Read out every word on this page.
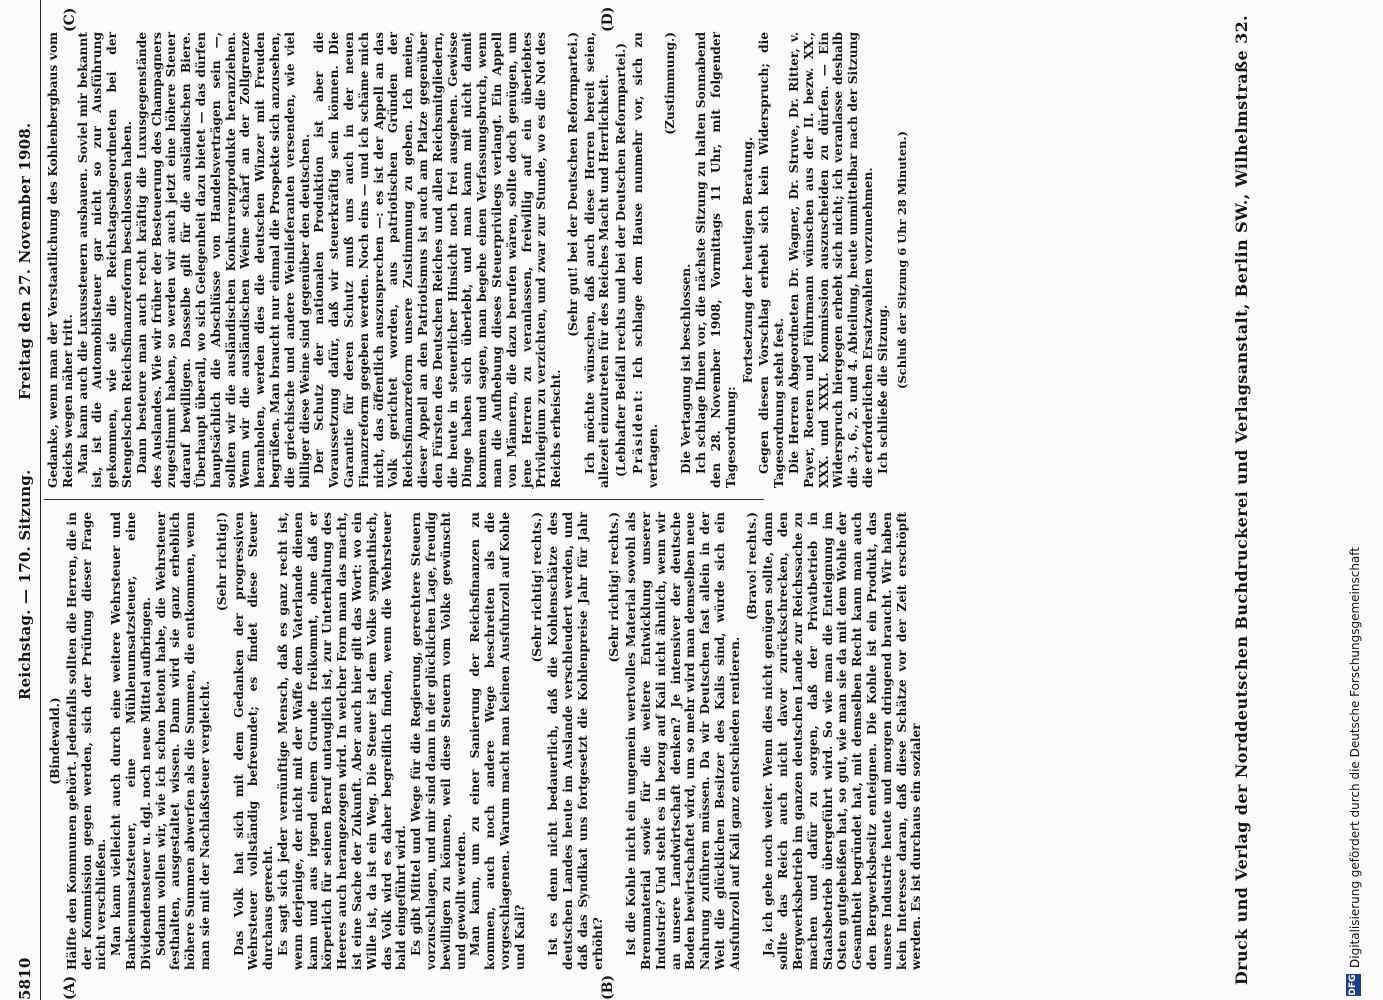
5810
Reichstag. — 170. Sitzung.
Freitag den 27. November 1908.
(A)	(B)
(C)	(D)

(Bindewald.) Hälfte den Kommunen gehört. Jedenfalls sollten die Herren, die in der Kommission gegen werden, sich der Prüfung dieser Frage nicht verschließen. Man kann vielleicht auch durch eine weitere Wehrsteuer und Bankenumsatzsteuer, eine Mühlenumsatzsteuer, eine Dividendensteuer u. dgl. noch neue Mittel aufbringen. Sodann wollen wir, wie ich schon betont habe, die Wehrsteuer festhalten, ausgestaltet wissen. Dann wird sie ganz erheblich höhere Summen abwerfen als die Summen, die entkommen, wenn man sie mit der Nachlaßsteuer vergleicht.

(Sehr richtig!) Das Volk hat sich mit dem Gedanken der progressiven Wehrsteuer vollständig befreundet; es findet diese Steuer durchaus gerecht. Es sagt sich jeder vernünftige Mensch, daß es ganz recht ist, wenn derjenige, der nicht mit der Waffe dem Vaterlande dienen kann und aus irgend einem Grunde freikommt, ohne daß er körperlich für seinen Beruf untauglich ist, zur Unterhaltung des Heeres auch herangezogen wird. In welcher Form man das macht, ist eine Sache der Zukunft. Aber auch hier gilt das Wort: wo ein Wille ist, da ist ein Weg. Die Steuer ist dem Volke sympathisch, das Volk wird es daher begreiflich finden, wenn die Wehrsteuer bald eingeführt wird. Es gibt Mittel und Wege für die Regierung, gerechtere Steuern vorzuschlagen, und mir sind dann in der glücklichen Lage, freudig bewilligen zu können, weil diese Steuern vom Volke gewünscht und gewollt werden. Man kann, um zu einer Sanierung der Reichsfinanzen zu kommen, auch noch andere Wege beschreiten als die vorgeschlagenen. Warum macht man keinen Ausfuhrzoll auf Kohle und Kali?

(Sehr richtig! rechts.) Ist es denn nicht bedauerlich, daß die Kohlenschätze des deutschen Landes heute im Auslande verschleudert werden, und daß das Syndikat uns fortgesetzt die Kohlenpreise Jahr für Jahr erhöht?

(Sehr richtig! rechts.) Ist die Kohle nicht ein ungemein wertvolles Material sowohl als Brennmaterial sowie für die weitere Entwicklung unserer Industrie? Und steht es in bezug auf Kali nicht ähnlich, wenn wir an unsere Landwirtschaft denken? Je intensiver der deutsche Boden bewirtschaftet wird, um so mehr wird man demselben neue Nahrung zuführen müssen. Da wir Deutschen fast allein in der Welt die glücklichen Besitzer des Kalis sind, würde sich ein Ausfuhrzoll auf Kali ganz entschieden rentieren.

(Bravo! rechts.) Ja, ich gehe noch weiter. Wenn dies nicht genügen sollte, dann sollte das Reich auch nicht davor zurückschrecken, den Bergwerksbetrieb im ganzen deutschen Lande zur Reichssache zu machen und dafür zu sorgen, daß der Privatbetrieb in Staatsbetrieb übergeführt wird. So wie man die Enteignung im Osten gutgeheißen hat, so gut, wie man sie da mit dem Wohle der Gesamtheit begründet hat, mit demselben Recht kann man auch den Bergwerksbesitz enteignen. Die Kohle ist ein Produkt, das unsere Industrie heute und morgen dringend braucht. Wir haben kein Interesse daran, daß diese Schätze vor der Zeit erschöpft werden. Es ist durchaus ein sozialer

Gedanke, wenn man der Verstaatlichung des Kohlenbergbaus vom Reichs wegen näher tritt. Man kann auch die Luxussteuern ausbauen. Soviel mir bekannt ist, ist die Automobilsteuer gar nicht so zur Ausführung gekommen, wie sie die Reichstagsabgeordneten bei der Stengelschen Reichsfinanzreform beschlossen haben. Dann besteure man auch recht kräftig die Luxusgegenstände des Auslandes. Wie wir früher der Besteuerung des Champagners zugestimmt haben, so werden wir auch jetzt eine höhere Steuer darauf bewilligen. Dasselbe gilt für die ausländischen Biere. Überhaupt überall, wo sich Gelegenheit dazu bietet — das dürfen hauptsächlich die Abschlüsse von Handelsverträgen sein —, sollten wir die ausländischen Konkurrenzprodukte heranziehen. Wenn wir die ausländischen Weine schärf an der Zollgrenze heranholen, werden dies die deutschen Winzer mit Freuden begrüßen. Man braucht nur einmal die Prospekte sich anzusehen, die griechische und andere Weinlieferanten versenden, wie viel billiger diese Weine sind gegenüber den deutschen. Der Schutz der nationalen Produktion ist aber die Voraussetzung dafür, daß wir steuerkräftig sein können. Die Garantie für deren Schutz muß uns auch in der neuen Finanzreform gegeben werden. Noch eins — und ich schäme mich nicht, das öffentlich auszusprechen —: es ist der Appell an das Volk gerichtet worden, aus patriotischen Gründen der Reichsfinanzreform unsere Zustimmung zu geben. Ich meine, dieser Appell an den Patriotismus ist auch am Platze gegenüber den Fürsten des Deutschen Reiches und allen Reichsmitgliedern, die heute in steuerlicher Hinsicht noch frei ausgehen. Gewisse Dinge haben sich überlebt, und man kann mit nicht damit kommen und sagen, man begehe einen Verfassungsbruch, wenn man die Aufhebung dieses Steuerprivilegs verlangt. Ein Appell von Männern, die dazu berufen wären, sollte doch genügen, um jene Herren zu veranlassen, freiwillig auf ein überlebtes Privilegium zu verzichten, und zwar zur Stunde, wo es die Not des Reichs erheischt.

(Sehr gut! bei der Deutschen Reformpartei.) Ich möchte wünschen, daß auch diese Herren bereit seien, allezeit einzutreten für des Reiches Macht und Herrlichkeit. (Lebhafter Beifall rechts und bei der Deutschen Reformpartei.) Präsident: Ich schlage dem Hause nunmehr vor, sich zu vertagen.

(Zustimmung.)

Die Vertagung ist beschlossen. Ich schlage Ihnen vor, die nächste Sitzung zu halten Sonnabend den 28. November 1908, Vormittags 11 Uhr, mit folgender Tagesordnung:

Fortsetzung der heutigen Beratung. Gegen diesen Vorschlag erhebt sich kein Widerspruch; die Tagesordnung steht fest. Die Herren Abgeordneten Dr. Wagner, Dr. Struve, Dr. Ritter, v. Payer, Roeren und Führmann wünschen aus der II. bezw. XX., XXX. und XXXI. Kommission auszuscheiden zu dürfen. — Ein Widerspruch hiergegen erhebt sich nicht; ich veranlasse deshalb die 3., 6., 2. und 4. Abteilung, heute unmittelbar nach der Sitzung die erforderlichen Ersatzwahlen vorzunehmen. Ich schließe die Sitzung.

(Schluß der Sitzung 6 Uhr 28 Minuten.)	Druck und Verlag der Norddeutschen Buchdruckerei und Verlagsanstalt, Berlin SW., Wilhelmstraße 32.	DFG
Digitalisierung gefördert durch die Deutsche Forschungsgemeinschaft
